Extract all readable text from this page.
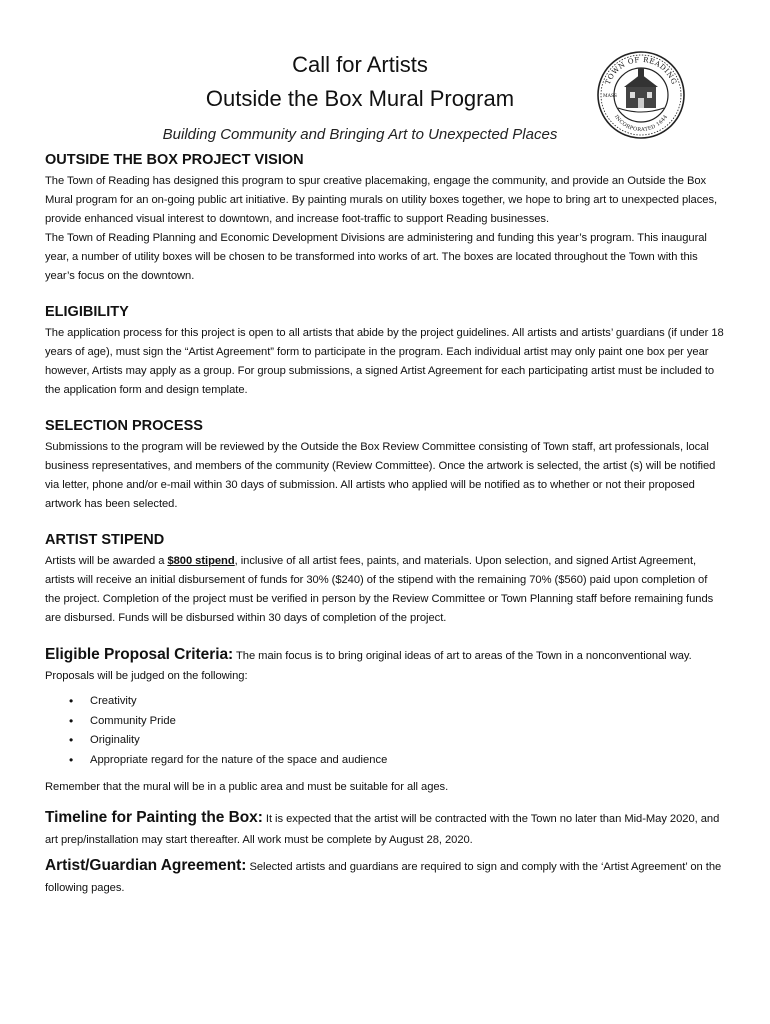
Call for Artists
Outside the Box Mural Program
Building Community and Bringing Art to Unexpected Places
TOWN OF READING
INCORPORATED 1644
MASS
OUTSIDE THE BOX PROJECT VISION

The Town of Reading has designed this program to spur creative placemaking, engage the community, and provide an Outside the Box Mural program for an on-going public art initiative. By painting murals on utility boxes together, we hope to bring art to unexpected places, provide enhanced visual interest to downtown, and increase foot-traffic to support Reading businesses.

The Town of Reading Planning and Economic Development Divisions are administering and funding this year’s program. This inaugural year, a number of utility boxes will be chosen to be transformed into works of art. The boxes are located throughout the Town with this year’s focus on the downtown.

ELIGIBILITY

The application process for this project is open to all artists that abide by the project guidelines. All artists and artists’ guardians (if under 18 years of age), must sign the “Artist Agreement” form to participate in the program. Each individual artist may only paint one box per year however, Artists may apply as a group. For group submissions, a signed Artist Agreement for each participating artist must be included to the application form and design template.

SELECTION PROCESS

Submissions to the program will be reviewed by the Outside the Box Review Committee consisting of Town staff, art professionals, local business representatives, and members of the community (Review Committee). Once the artwork is selected, the artist (s) will be notified via letter, phone and/or e-mail within 30 days of submission. All artists who applied will be notified as to whether or not their proposed artwork has been selected.

ARTIST STIPEND

Artists will be awarded a $800 stipend, inclusive of all artist fees, paints, and materials. Upon selection, and signed Artist Agreement, artists will receive an initial disbursement of funds for 30% ($240) of the stipend with the remaining 70% ($560) paid upon completion of the project. Completion of the project must be verified in person by the Review Committee or Town Planning staff before remaining funds are disbursed. Funds will be disbursed within 30 days of completion of the project.

Eligible Proposal Criteria: The main focus is to bring original ideas of art to areas of the Town in a nonconventional way.

Proposals will be judged on the following:

• Creativity
• Community Pride
• Originality
• Appropriate regard for the nature of the space and audience

Remember that the mural will be in a public area and must be suitable for all ages.

Timeline for Painting the Box: It is expected that the artist will be contracted with the Town no later than Mid-May 2020, and art prep/installation may start thereafter. All work must be complete by August 28, 2020.

Artist/Guardian Agreement: Selected artists and guardians are required to sign and comply with the ‘Artist Agreement’ on the following pages.
